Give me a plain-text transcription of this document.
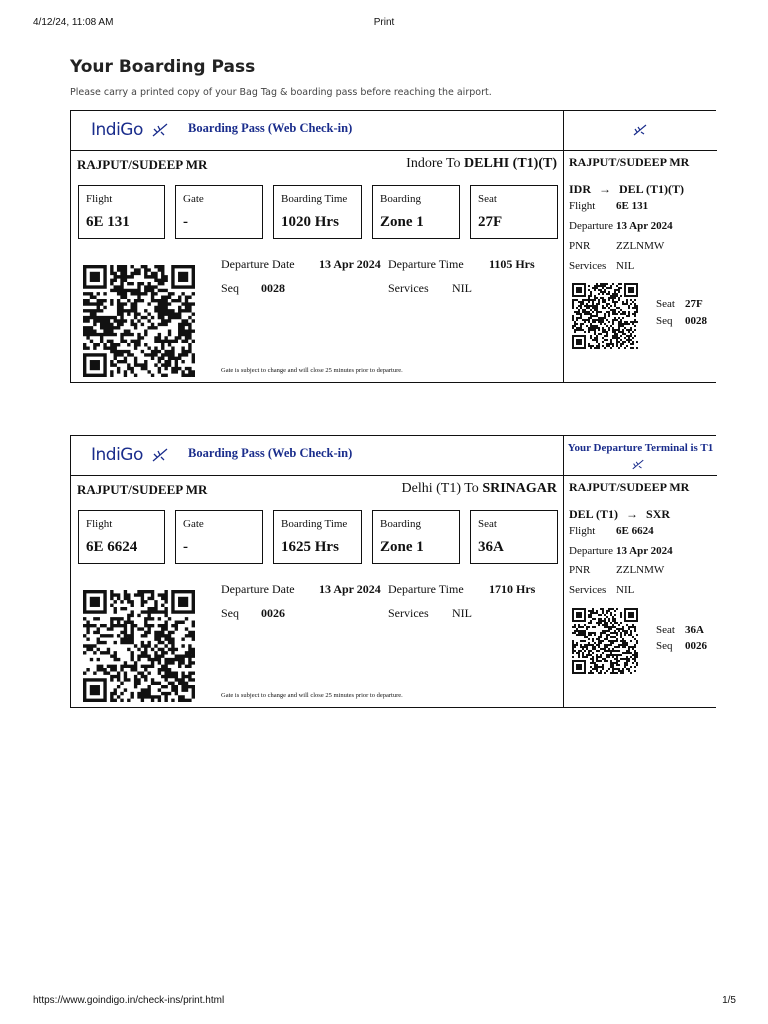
4/12/24, 11:08 AM	Print
Your Boarding Pass
Please carry a printed copy of your Bag Tag & boarding pass before reaching the airport.
IndiGo	Boarding Pass (Web Check-in)
RAJPUT/SUDEEP MR	Indore To DELHI (T1)(T)
Flight
6E 131
Gate
-
Boarding Time
1020 Hrs
Boarding
Zone 1
Seat
27F
Departure Date 13 Apr 2024 Departure Time 1105 Hrs
Seq 0028	Services NIL
Gate is subject to change and will close 25 minutes prior to departure.
RAJPUT/SUDEEP MR
IDR → DEL (T1)(T)
Flight 6E 131
Departure 13 Apr 2024
PNR ZZLNMW
Services NIL
Seat 27F
Seq 0028
IndiGo	Boarding Pass (Web Check-in)
RAJPUT/SUDEEP MR	Delhi (T1) To SRINAGAR
Flight
6E 6624
Gate
-
Boarding Time
1625 Hrs
Boarding
Zone 1
Seat
36A
Departure Date 13 Apr 2024 Departure Time 1710 Hrs
Seq 0026	Services NIL
Gate is subject to change and will close 25 minutes prior to departure.
Your Departure Terminal is T1
RAJPUT/SUDEEP MR
DEL (T1) → SXR
Flight 6E 6624
Departure 13 Apr 2024
PNR ZZLNMW
Services NIL
Seat 36A
Seq 0026
https://www.goindigo.in/check-ins/print.html	1/5
